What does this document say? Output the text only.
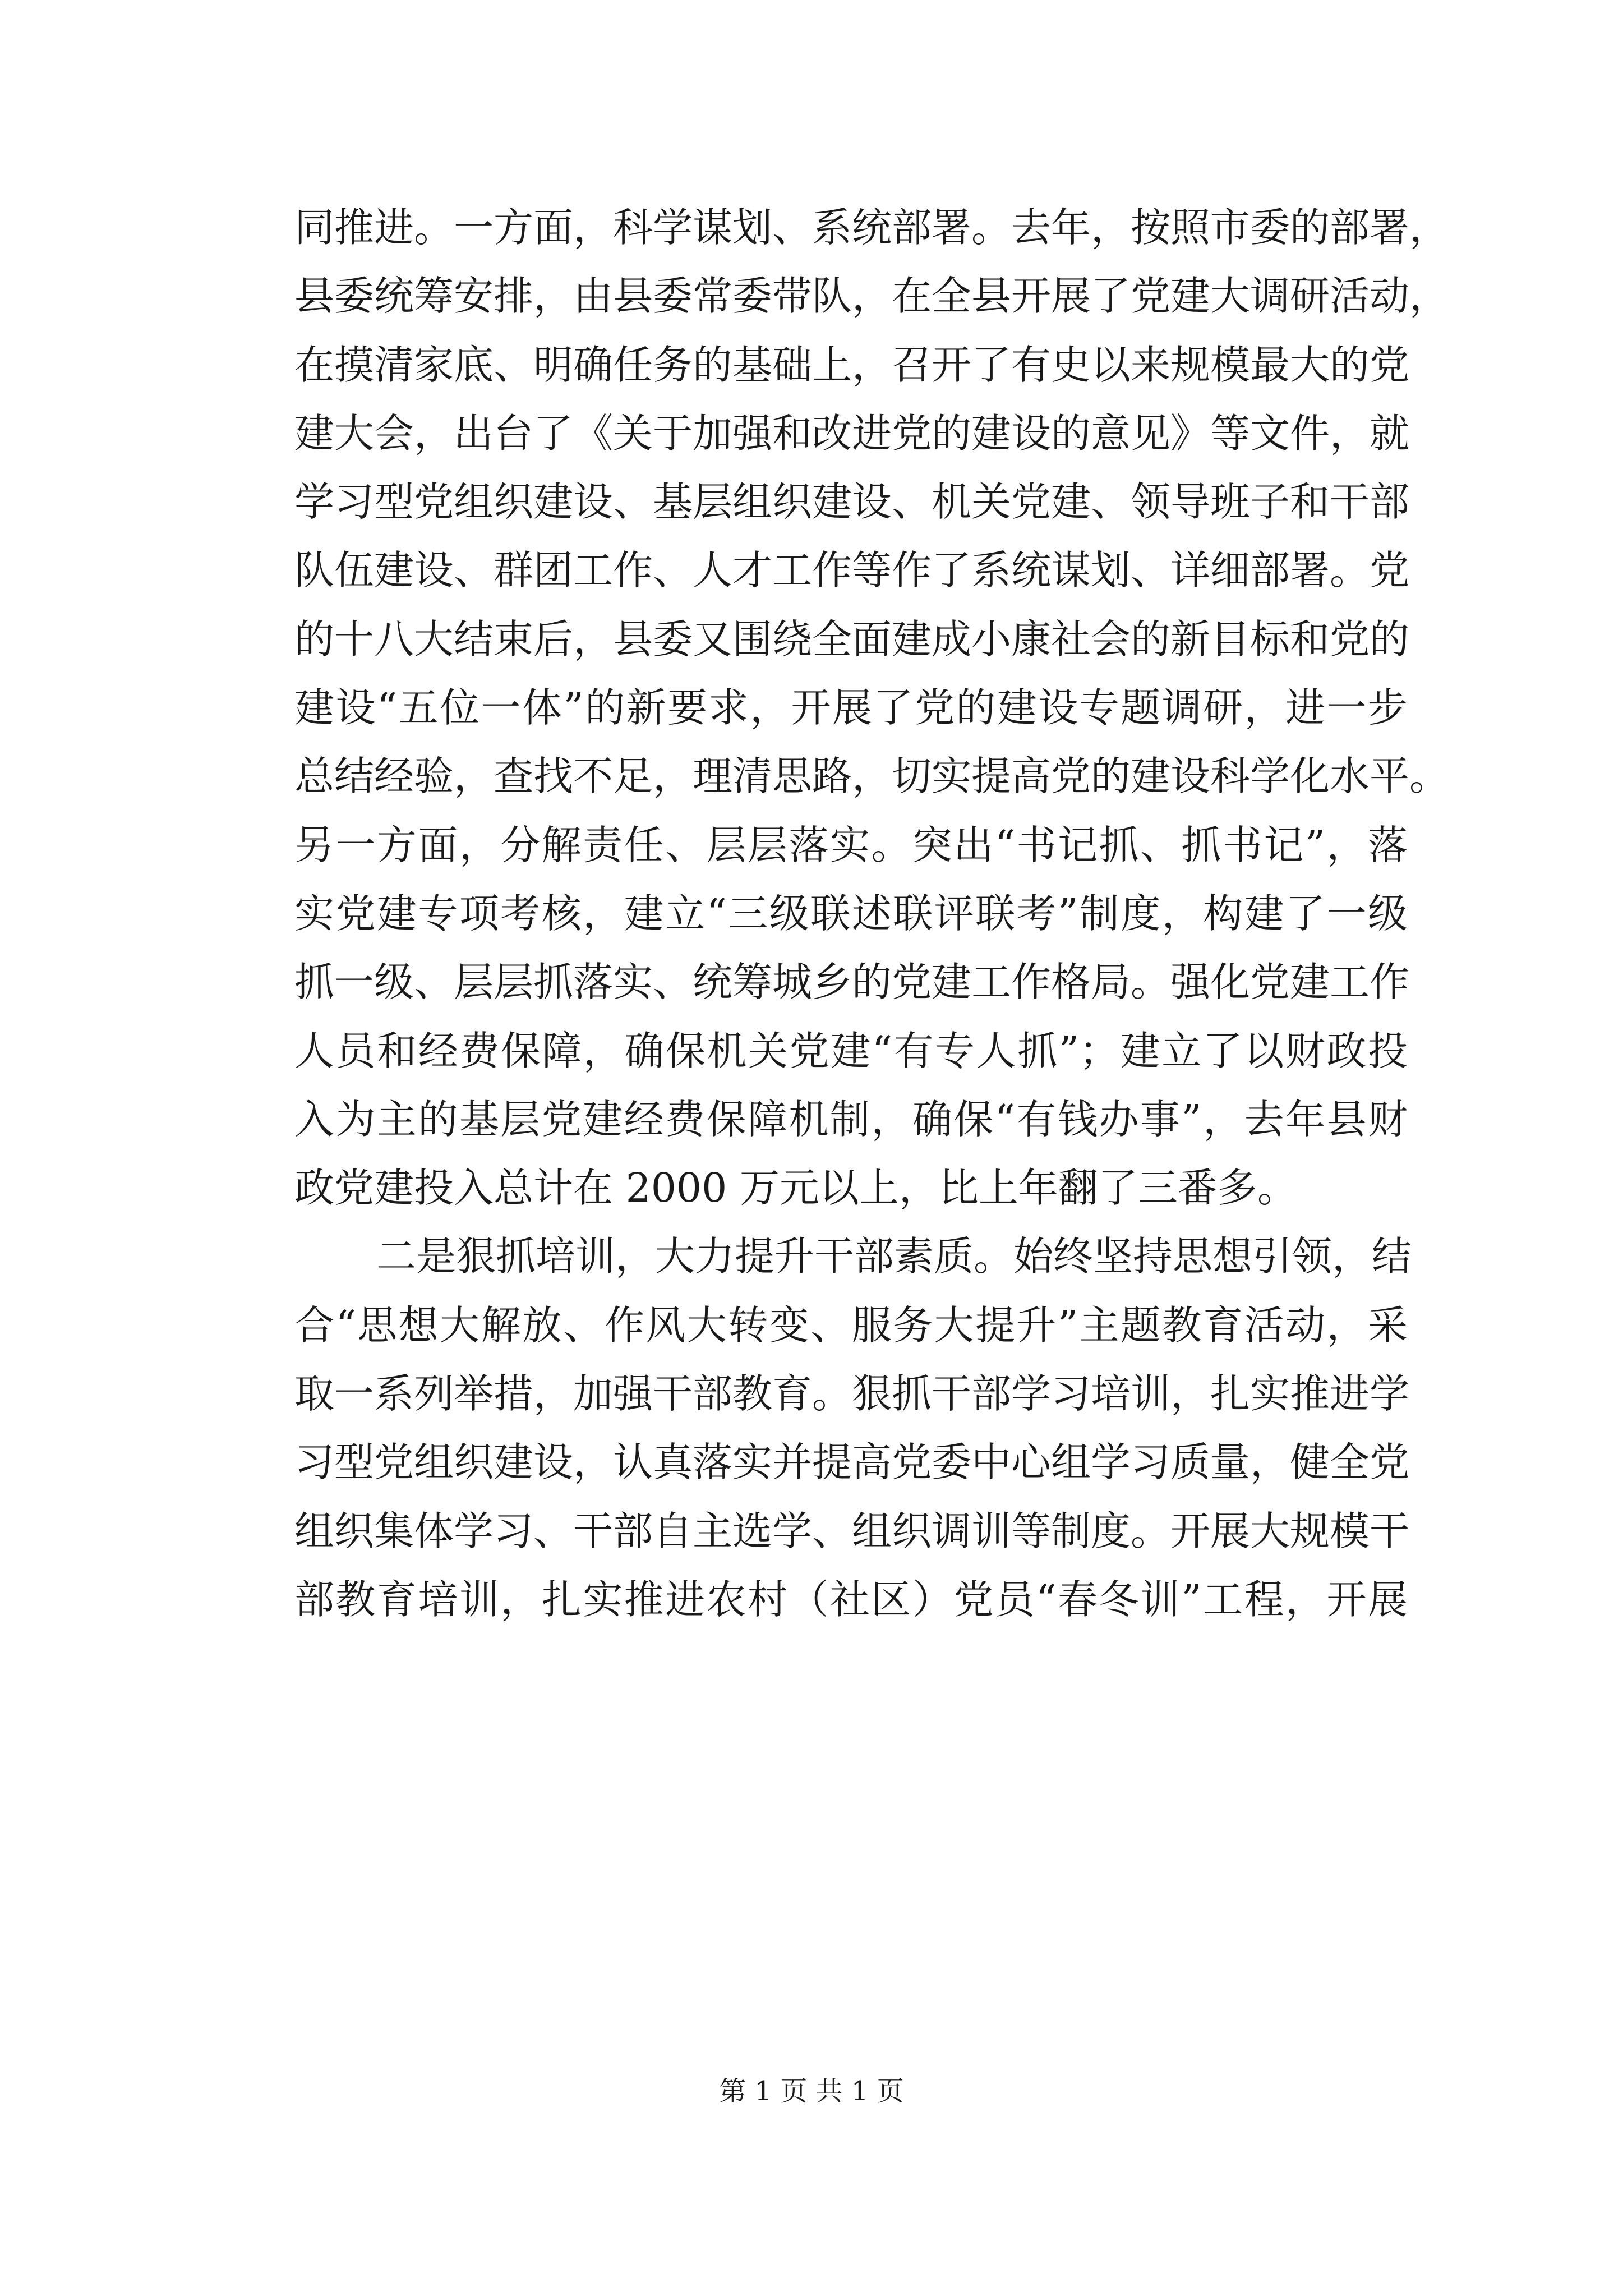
同推进。一方面，科学谋划、系统部署。去年，按照市委的部署，
县委统筹安排，由县委常委带队，在全县开展了党建大调研活动，
在摸清家底、明确任务的基础上，召开了有史以来规模最大的党
建大会，出台了《关于加强和改进党的建设的意见》等文件，就
学习型党组织建设、基层组织建设、机关党建、领导班子和干部
队伍建设、群团工作、人才工作等作了系统谋划、详细部署。党
的十八大结束后，县委又围绕全面建成小康社会的新目标和党的
建设“五位一体”的新要求，开展了党的建设专题调研，进一步
总结经验，查找不足，理清思路，切实提高党的建设科学化水平。
另一方面，分解责任、层层落实。突出“书记抓、抓书记”，落
实党建专项考核，建立“三级联述联评联考”制度，构建了一级
抓一级、层层抓落实、统筹城乡的党建工作格局。强化党建工作
人员和经费保障，确保机关党建“有专人抓”；建立了以财政投
入为主的基层党建经费保障机制，确保“有钱办事”，去年县财
政党建投入总计在 2000 万元以上，比上年翻了三番多。
二是狠抓培训，大力提升干部素质。始终坚持思想引领，结
合“思想大解放、作风大转变、服务大提升”主题教育活动，采
取一系列举措，加强干部教育。狠抓干部学习培训，扎实推进学
习型党组织建设，认真落实并提高党委中心组学习质量，健全党
组织集体学习、干部自主选学、组织调训等制度。开展大规模干
部教育培训，扎实推进农村（社区）党员“春冬训”工程，开展
第 1 页 共 1 页
